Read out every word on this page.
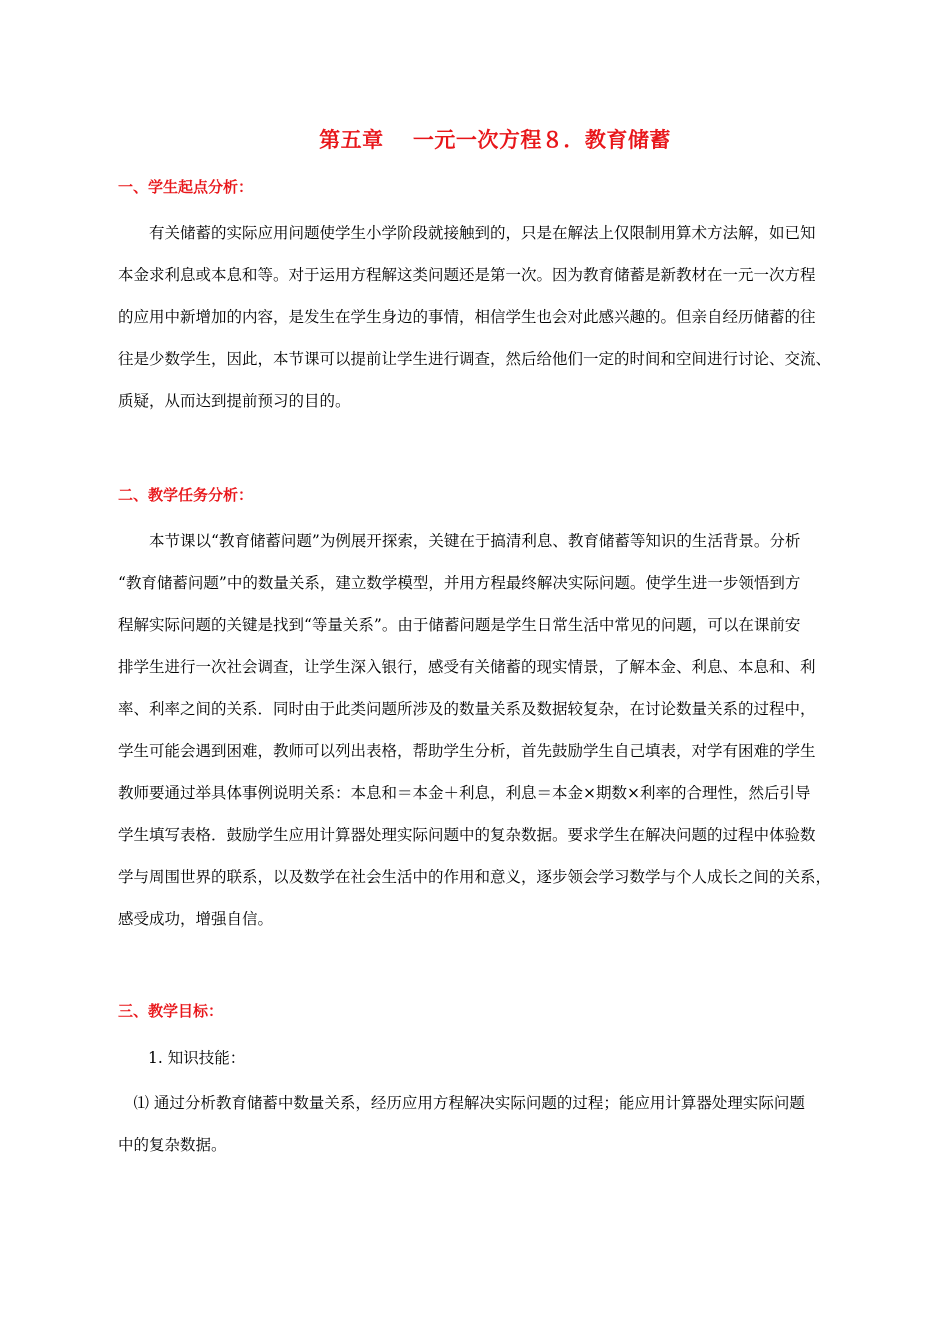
第五章　 一元一次方程８．教育储蓄
一、学生起点分析：
　　有关储蓄的实际应用问题使学生小学阶段就接触到的，只是在解法上仅限制用算术方法解，如已知
本金求利息或本息和等。对于运用方程解这类问题还是第一次。因为教育储蓄是新教材在一元一次方程
的应用中新增加的内容，是发生在学生身边的事情，相信学生也会对此感兴趣的。但亲自经历储蓄的往
往是少数学生，因此，本节课可以提前让学生进行调查，然后给他们一定的时间和空间进行讨论、交流、
质疑，从而达到提前预习的目的。
二、教学任务分析：
　　本节课以“教育储蓄问题”为例展开探索，关键在于搞清利息、教育储蓄等知识的生活背景。分析
“教育储蓄问题”中的数量关系，建立数学模型，并用方程最终解决实际问题。使学生进一步领悟到方
程解实际问题的关键是找到“等量关系”。由于储蓄问题是学生日常生活中常见的问题，可以在课前安
排学生进行一次社会调查，让学生深入银行，感受有关储蓄的现实情景，了解本金、利息、本息和、利
率、利率之间的关系．同时由于此类问题所涉及的数量关系及数据较复杂，在讨论数量关系的过程中，
学生可能会遇到困难，教师可以列出表格，帮助学生分析，首先鼓励学生自己填表，对学有困难的学生
教师要通过举具体事例说明关系：本息和＝本金＋利息，利息＝本金×期数×利率的合理性，然后引导
学生填写表格．鼓励学生应用计算器处理实际问题中的复杂数据。要求学生在解决问题的过程中体验数
学与周围世界的联系，以及数学在社会生活中的作用和意义，逐步领会学习数学与个人成长之间的关系，
感受成功，增强自信。
三、教学目标：
1. 知识技能：
　⑴ 通过分析教育储蓄中数量关系，经历应用方程解决实际问题的过程；能应用计算器处理实际问题
中的复杂数据。
